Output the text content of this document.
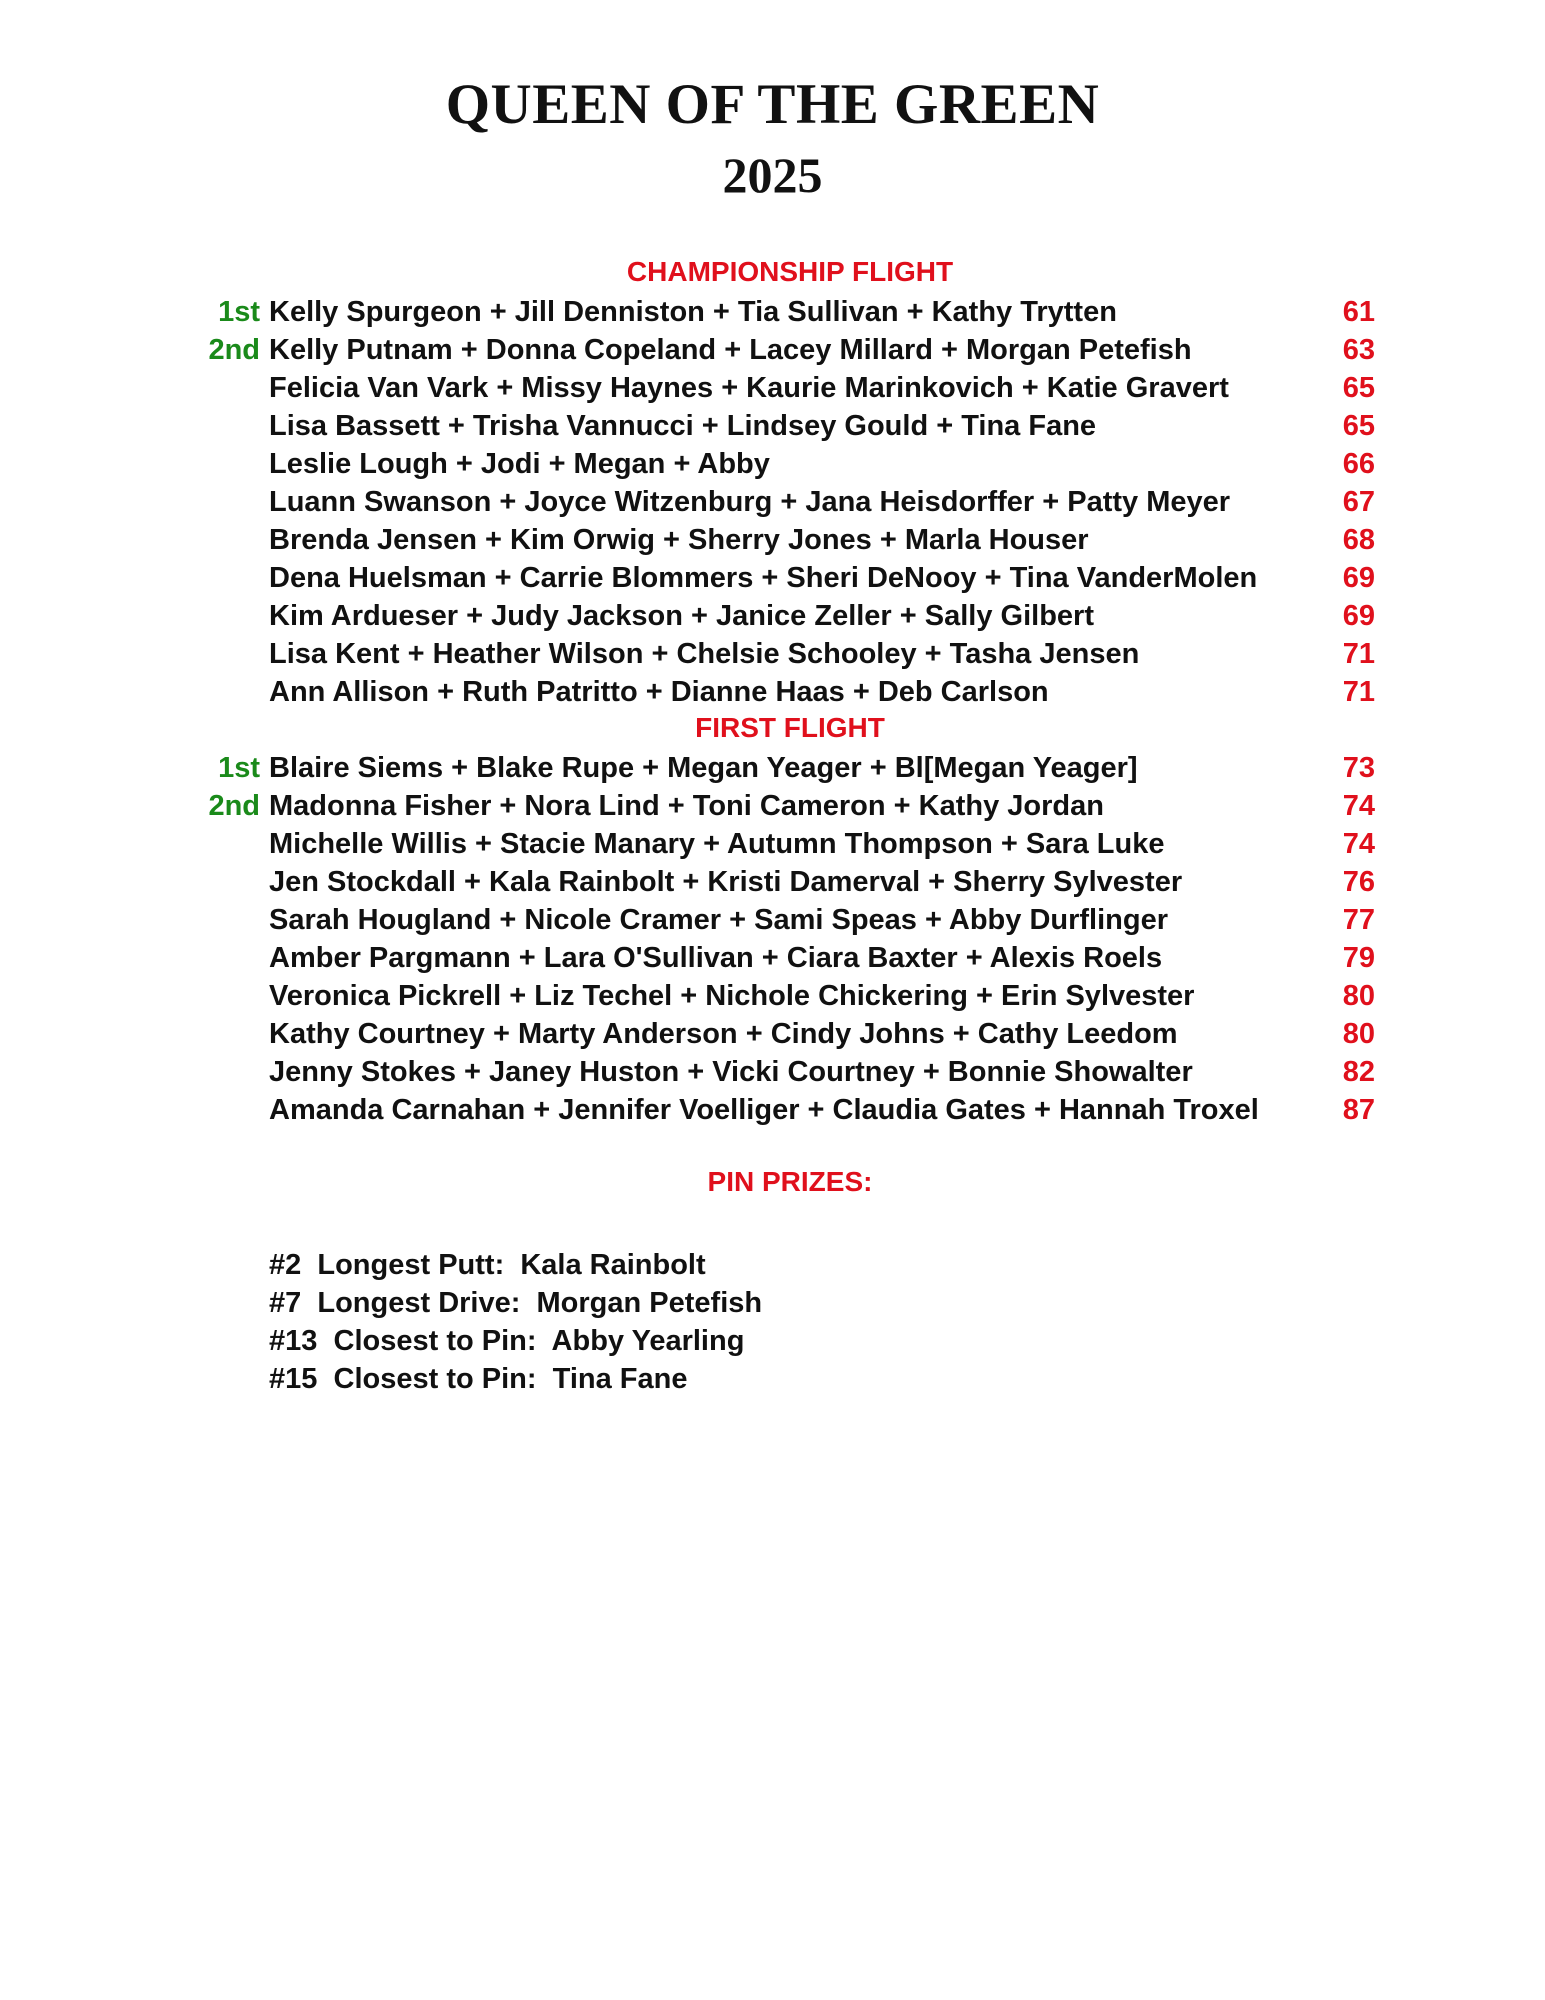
QUEEN OF THE GREEN
2025
CHAMPIONSHIP FLIGHT
1st Kelly Spurgeon + Jill Denniston + Tia Sullivan + Kathy Trytten	61
2nd Kelly Putnam + Donna Copeland + Lacey Millard + Morgan Petefish	63
Felicia Van Vark + Missy Haynes + Kaurie Marinkovich + Katie Gravert	65
Lisa Bassett + Trisha Vannucci + Lindsey Gould + Tina Fane	65
Leslie Lough + Jodi + Megan + Abby	66
Luann Swanson + Joyce Witzenburg + Jana Heisdorffer + Patty Meyer	67
Brenda Jensen + Kim Orwig + Sherry Jones + Marla Houser	68
Dena Huelsman + Carrie Blommers + Sheri DeNooy + Tina VanderMolen	69
Kim Ardueser + Judy Jackson + Janice Zeller + Sally Gilbert	69
Lisa Kent + Heather Wilson + Chelsie Schooley + Tasha Jensen	71
Ann Allison + Ruth Patritto + Dianne Haas + Deb Carlson	71
FIRST FLIGHT
1st Blaire Siems + Blake Rupe + Megan Yeager + Bl[Megan Yeager]	73
2nd Madonna Fisher + Nora Lind + Toni Cameron + Kathy Jordan	74
Michelle Willis + Stacie Manary + Autumn Thompson + Sara Luke	74
Jen Stockdall + Kala Rainbolt + Kristi Damerval + Sherry Sylvester	76
Sarah Hougland + Nicole Cramer + Sami Speas + Abby Durflinger	77
Amber Pargmann + Lara O'Sullivan + Ciara Baxter + Alexis Roels	79
Veronica Pickrell + Liz Techel + Nichole Chickering + Erin Sylvester	80
Kathy Courtney + Marty Anderson + Cindy Johns + Cathy Leedom	80
Jenny Stokes + Janey Huston + Vicki Courtney + Bonnie Showalter	82
Amanda Carnahan + Jennifer Voelliger + Claudia Gates + Hannah Troxel	87
PIN PRIZES:
#2  Longest Putt:  Kala Rainbolt
#7  Longest Drive:  Morgan Petefish
#13  Closest to Pin:  Abby Yearling
#15  Closest to Pin:  Tina Fane
